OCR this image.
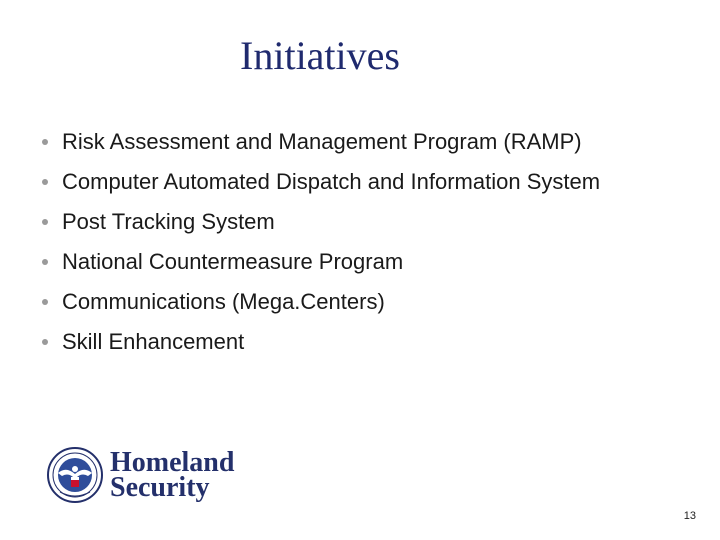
Initiatives
Risk Assessment and Management Program (RAMP)
Computer Automated Dispatch and Information System
Post Tracking System
National Countermeasure Program
Communications (Mega.Centers)
Skill Enhancement
Homeland
Security
13
